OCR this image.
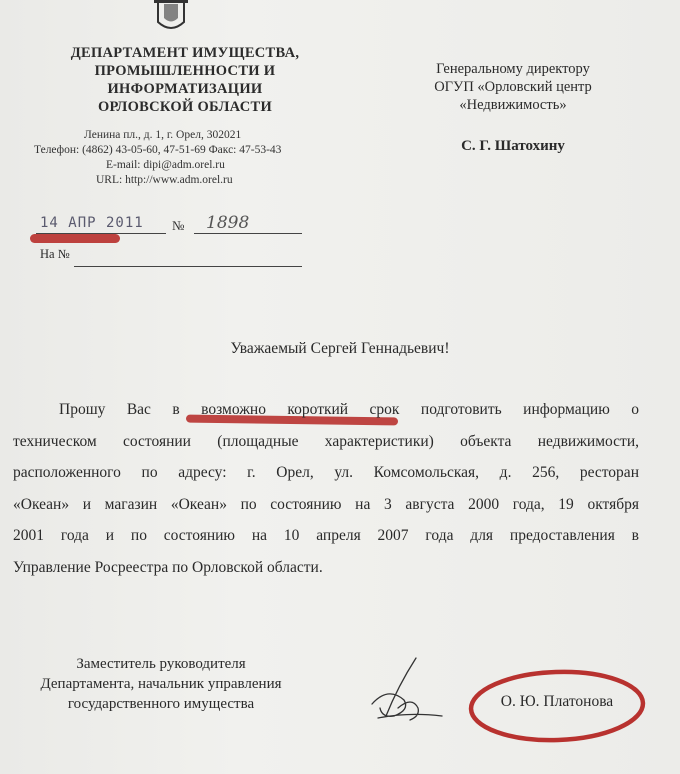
ДЕПАРТАМЕНТ ИМУЩЕСТВА,
ПРОМЫШЛЕННОСТИ И
ИНФОРМАТИЗАЦИИ
ОРЛОВСКОЙ ОБЛАСТИ
Ленина пл., д. 1, г. Орел, 302021
Телефон: (4862) 43-05-60, 47-51-69 Факс: 47-53-43
E-mail: dipi@adm.orel.ru
URL: http://www.adm.orel.ru
14 АПР 2011 № 1898
На №
Генеральному директору
ОГУП «Орловский центр
«Недвижимость»
С. Г. Шатохину
Уважаемый Сергей Геннадьевич!

Прошу Вас в возможно короткий срок подготовить информацию о

техническом состоянии (площадные характеристики) объекта недвижимости,

расположенного по адресу: г. Орел, ул. Комсомольская, д. 256, ресторан

«Океан» и магазин «Океан» по состоянию на 3 августа 2000 года, 19 октября

2001 года и по состоянию на 10 апреля 2007 года для предоставления в

Управление Росреестра по Орловской области.

Заместитель руководителя
Департамента, начальник управления
государственного имущества	О. Ю. Платонова
